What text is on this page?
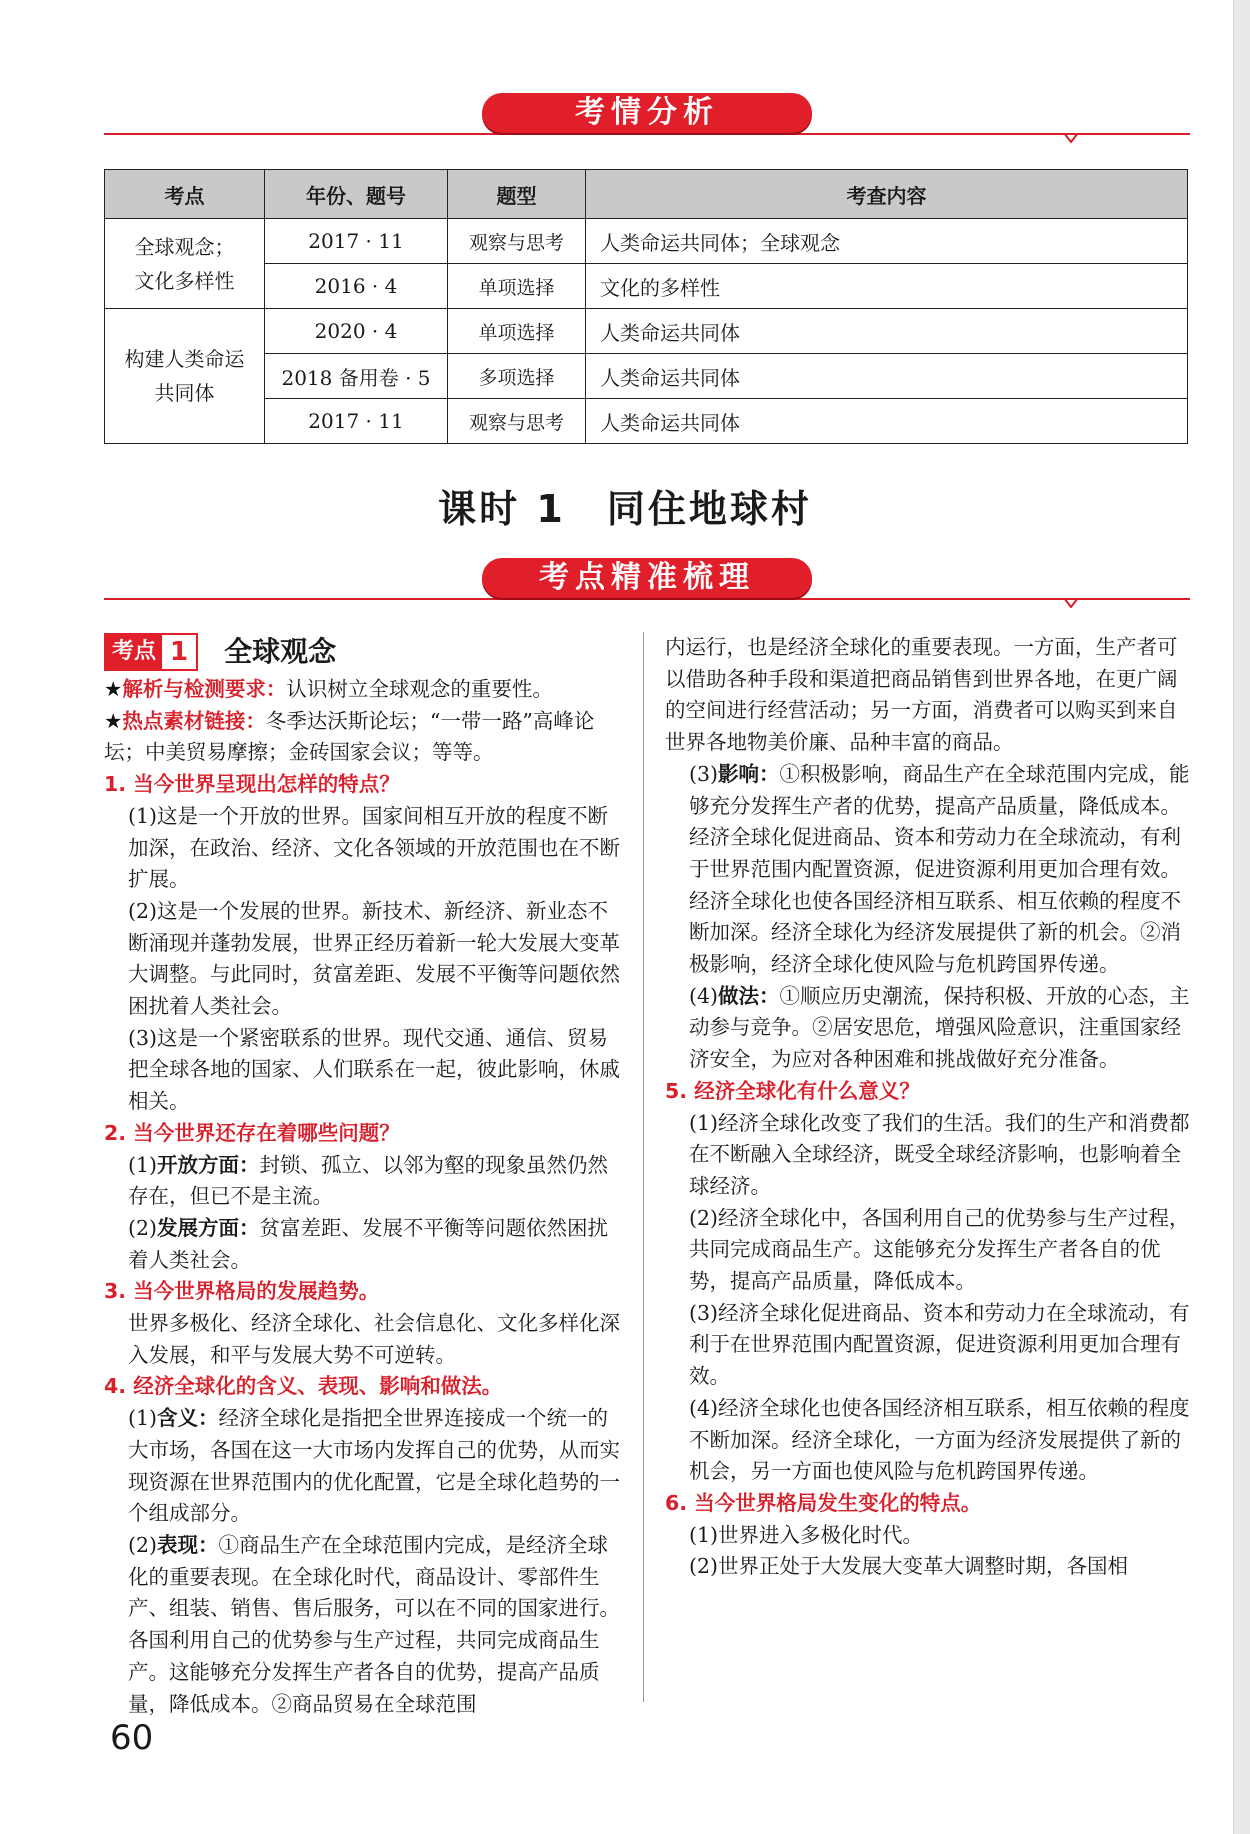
考情分析
考点	年份、题号	题型	考查内容
全球观念；
文化多样性	2017 · 11	观察与思考	人类命运共同体；全球观念
	2016 · 4	单项选择	文化的多样性
构建人类命运
共同体	2020 · 4	单项选择	人类命运共同体
	2018 备用卷 · 5	多项选择	人类命运共同体
	2017 · 11	观察与思考	人类命运共同体
课时 1　同住地球村
考点精准梳理
考点 1 全球观念

★解析与检测要求：认识树立全球观念的重要性。

★热点素材链接：冬季达沃斯论坛；“一带一路”高峰论坛；中美贸易摩擦；金砖国家会议；等等。

1. 当今世界呈现出怎样的特点？

(1)这是一个开放的世界。国家间相互开放的程度不断加深，在政治、经济、文化各领域的开放范围也在不断扩展。

(2)这是一个发展的世界。新技术、新经济、新业态不断涌现并蓬勃发展，世界正经历着新一轮大发展大变革大调整。与此同时，贫富差距、发展不平衡等问题依然困扰着人类社会。

(3)这是一个紧密联系的世界。现代交通、通信、贸易把全球各地的国家、人们联系在一起，彼此影响，休戚相关。

2. 当今世界还存在着哪些问题？

(1)开放方面：封锁、孤立、以邻为壑的现象虽然仍然存在，但已不是主流。

(2)发展方面：贫富差距、发展不平衡等问题依然困扰着人类社会。

3. 当今世界格局的发展趋势。

世界多极化、经济全球化、社会信息化、文化多样化深入发展，和平与发展大势不可逆转。

4. 经济全球化的含义、表现、影响和做法。

(1)含义：经济全球化是指把全世界连接成一个统一的大市场，各国在这一大市场内发挥自己的优势，从而实现资源在世界范围内的优化配置，它是全球化趋势的一个组成部分。

(2)表现：①商品生产在全球范围内完成，是经济全球化的重要表现。在全球化时代，商品设计、零部件生产、组装、销售、售后服务，可以在不同的国家进行。各国利用自己的优势参与生产过程，共同完成商品生产。这能够充分发挥生产者各自的优势，提高产品质量，降低成本。②商品贸易在全球范围

内运行，也是经济全球化的重要表现。一方面，生产者可以借助各种手段和渠道把商品销售到世界各地，在更广阔的空间进行经营活动；另一方面，消费者可以购买到来自世界各地物美价廉、品种丰富的商品。

(3)影响：①积极影响，商品生产在全球范围内完成，能够充分发挥生产者的优势，提高产品质量，降低成本。经济全球化促进商品、资本和劳动力在全球流动，有利于世界范围内配置资源，促进资源利用更加合理有效。经济全球化也使各国经济相互联系、相互依赖的程度不断加深。经济全球化为经济发展提供了新的机会。②消极影响，经济全球化使风险与危机跨国界传递。

(4)做法：①顺应历史潮流，保持积极、开放的心态，主动参与竞争。②居安思危，增强风险意识，注重国家经济安全，为应对各种困难和挑战做好充分准备。

5. 经济全球化有什么意义？

(1)经济全球化改变了我们的生活。我们的生产和消费都在不断融入全球经济，既受全球经济影响，也影响着全球经济。

(2)经济全球化中，各国利用自己的优势参与生产过程，共同完成商品生产。这能够充分发挥生产者各自的优势，提高产品质量，降低成本。

(3)经济全球化促进商品、资本和劳动力在全球流动，有利于在世界范围内配置资源，促进资源利用更加合理有效。

(4)经济全球化也使各国经济相互联系，相互依赖的程度不断加深。经济全球化，一方面为经济发展提供了新的机会，另一方面也使风险与危机跨国界传递。

6. 当今世界格局发生变化的特点。

(1)世界进入多极化时代。

(2)世界正处于大发展大变革大调整时期，各国相

60
